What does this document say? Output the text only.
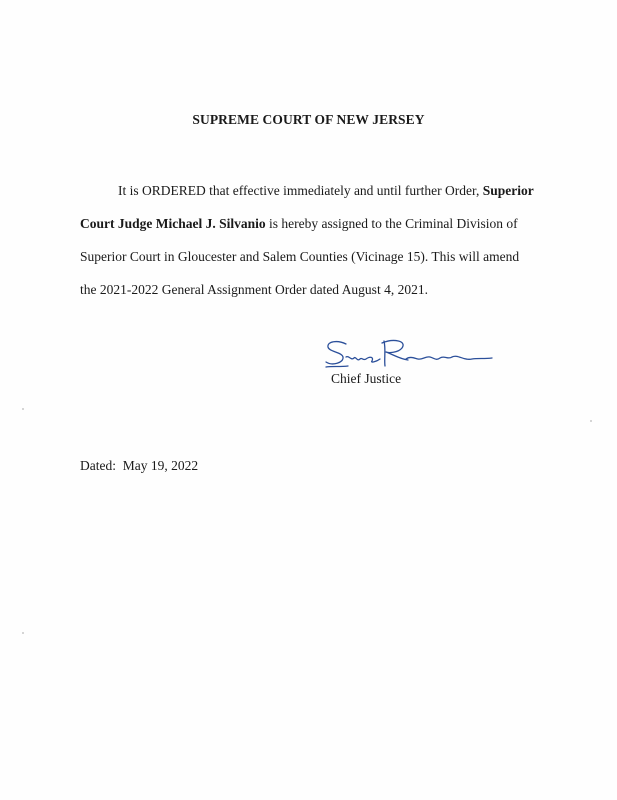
SUPREME COURT OF NEW JERSEY
It is ORDERED that effective immediately and until further Order, Superior
Court Judge Michael J. Silvanio is hereby assigned to the Criminal Division of
Superior Court in Gloucester and Salem Counties (Vicinage 15). This will amend
the 2021-2022 General Assignment Order dated August 4, 2021.
Chief Justice
Dated: May 19, 2022
